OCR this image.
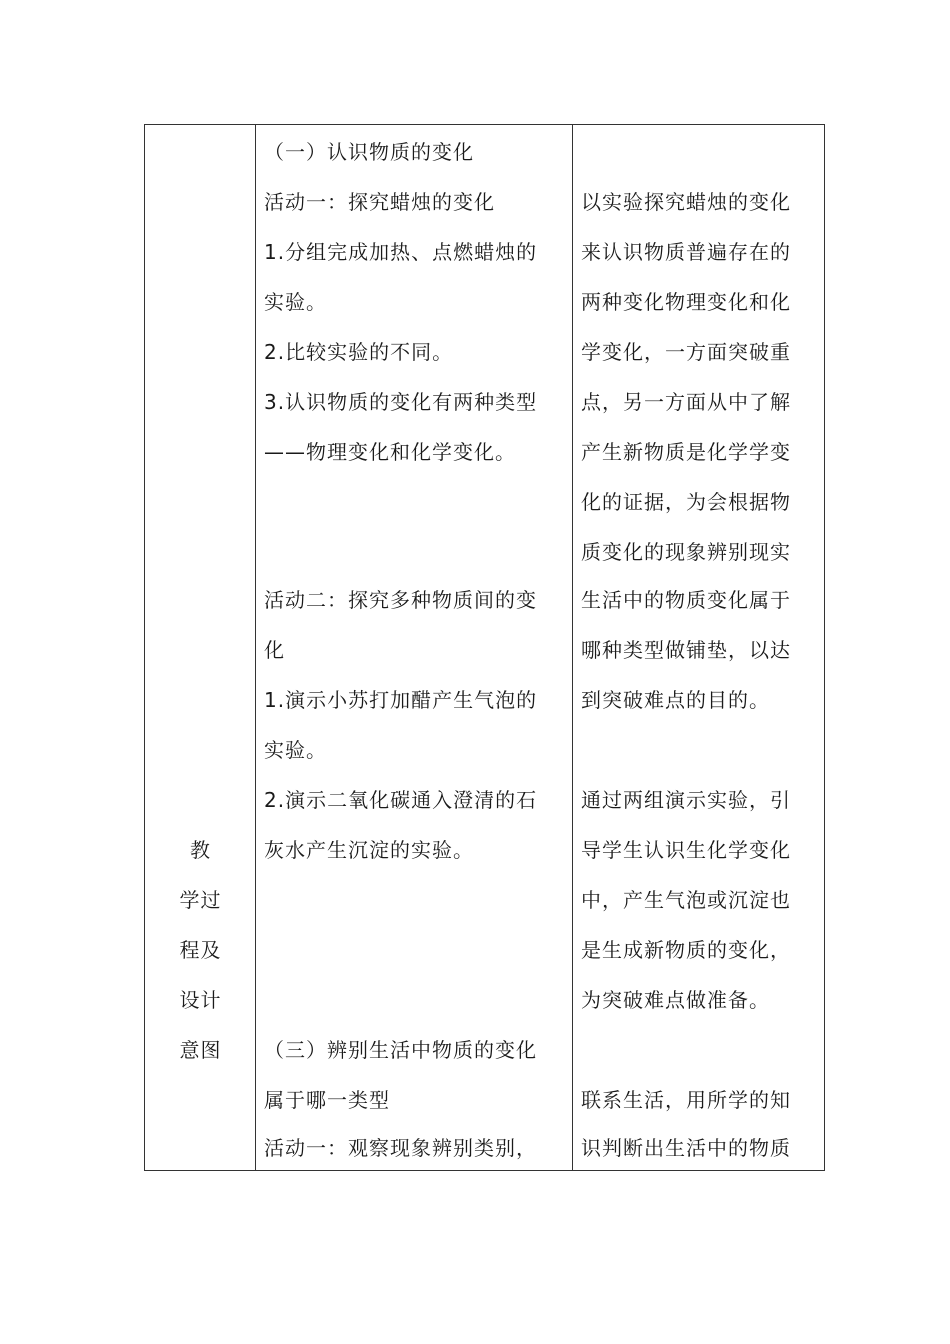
教
学过
程及
设计
意图
（一）认识物质的变化
活动一：探究蜡烛的变化
1.分组完成加热、点燃蜡烛的
实验。
2.比较实验的不同。
3.认识物质的变化有两种类型
——物理变化和化学变化。
活动二：探究多种物质间的变
化
1.演示小苏打加醋产生气泡的
实验。
2.演示二氧化碳通入澄清的石
灰水产生沉淀的实验。
（三）辨别生活中物质的变化
属于哪一类型
活动一：观察现象辨别类别，
以实验探究蜡烛的变化
来认识物质普遍存在的
两种变化物理变化和化
学变化，一方面突破重
点，另一方面从中了解
产生新物质是化学学变
化的证据，为会根据物
质变化的现象辨别现实
生活中的物质变化属于
哪种类型做铺垫，以达
到突破难点的目的。
通过两组演示实验，引
导学生认识生化学变化
中，产生气泡或沉淀也
是生成新物质的变化，
为突破难点做准备。
联系生活，用所学的知
识判断出生活中的物质
